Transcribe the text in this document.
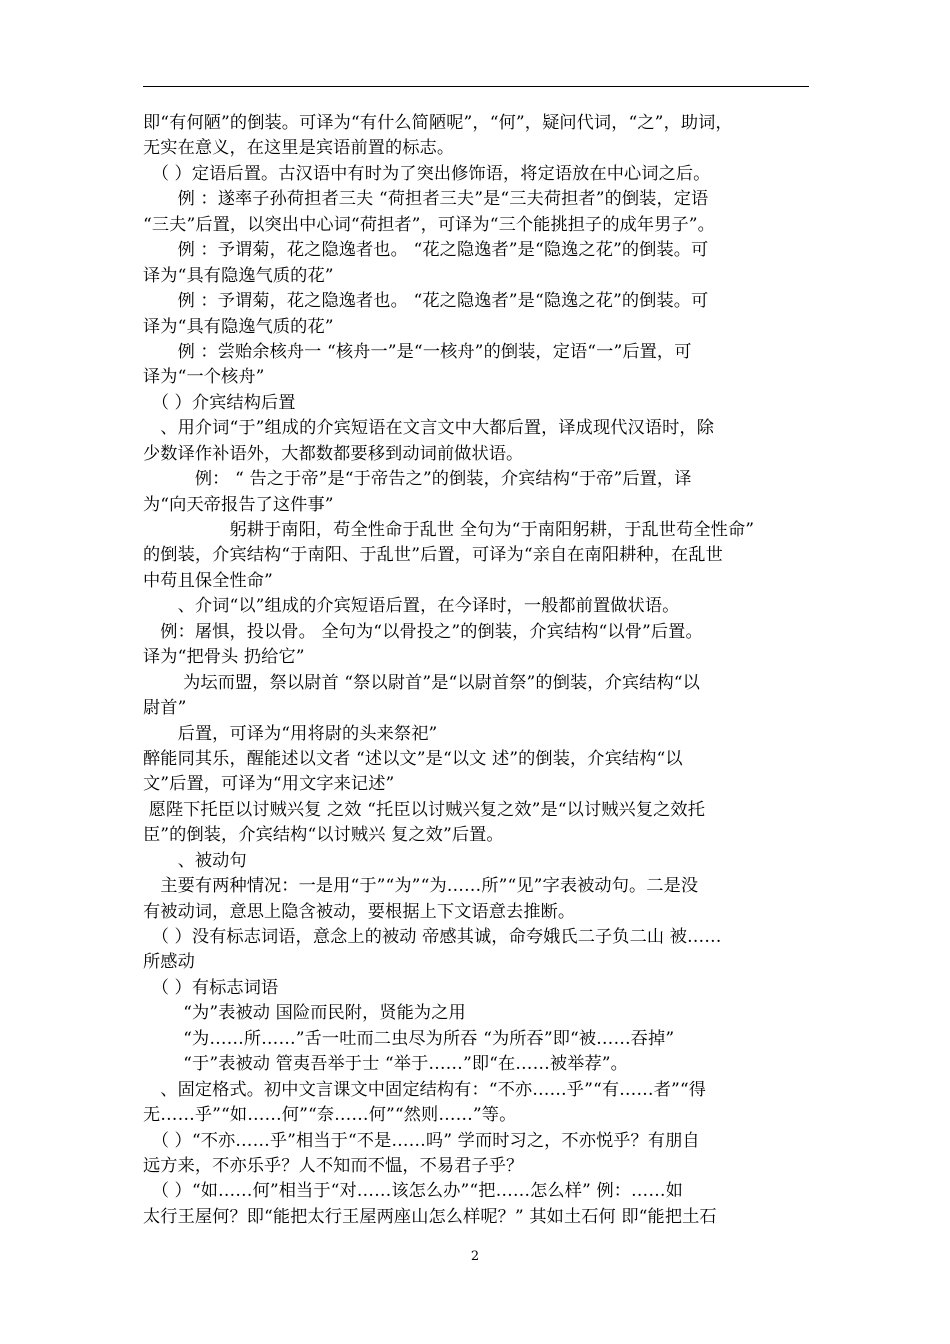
即“有何陋”的倒装。可译为“有什么简陋呢”，“何”，疑问代词，“之”，助词，
无实在意义，在这里是宾语前置的标志。
　（ ）定语后置。古汉语中有时为了突出修饰语，将定语放在中心词之后。
　　例 ：遂率子孙荷担者三夫 “荷担者三夫”是“三夫荷担者”的倒装，定语
“三夫”后置，以突出中心词“荷担者”，可译为“三个能挑担子的成年男子”。
　　例 ：予谓菊，花之隐逸者也。 “花之隐逸者”是“隐逸之花”的倒装。可
译为“具有隐逸气质的花”
　　例 ：予谓菊，花之隐逸者也。 “花之隐逸者”是“隐逸之花”的倒装。可
译为“具有隐逸气质的花”
　　例 ：尝贻余核舟一 “核舟一”是“一核舟”的倒装，定语“一”后置，可
译为“一个核舟”
　（ ）介宾结构后置
　、用介词“于”组成的介宾短语在文言文中大都后置，译成现代汉语时，除
少数译作补语外，大都数都要移到动词前做状语。
　　　例： “ 告之于帝”是“于帝告之”的倒装，介宾结构“于帝”后置，译
为“向天帝报告了这件事”
　　　　　躬耕于南阳，苟全性命于乱世 全句为“于南阳躬耕，于乱世苟全性命”
的倒装，介宾结构“于南阳、于乱世”后置，可译为“亲自在南阳耕种，在乱世
中苟且保全性命”
　　、介词“以”组成的介宾短语后置，在今译时，一般都前置做状语。
　例：屠惧，投以骨。 全句为“以骨投之”的倒装，介宾结构“以骨”后置。
译为“把骨头 扔给它”
　　 为坛而盟，祭以尉首 “祭以尉首”是“以尉首祭”的倒装，介宾结构“以
尉首”
　　后置，可译为“用将尉的头来祭祀”
醉能同其乐，醒能述以文者 “述以文”是“以文 述”的倒装，介宾结构“以
文”后置，可译为“用文字来记述”
愿陛下托臣以讨贼兴复 之效 “托臣以讨贼兴复之效”是“以讨贼兴复之效托
臣”的倒装，介宾结构“以讨贼兴 复之效”后置。
　　、被动句
　主要有两种情况：一是用“于”“为”“为……所”“见”字表被动句。二是没
有被动词，意思上隐含被动，要根据上下文语意去推断。
　（ ）没有标志词语，意念上的被动 帝感其诚，命夸娥氏二子负二山 被……
所感动
　（ ）有标志词语
　　 “为”表被动 国险而民附，贤能为之用
　　 “为……所……”舌一吐而二虫尽为所吞 “为所吞”即“被……吞掉”
　　 “于”表被动 管夷吾举于士 “举于……”即“在……被举荐”。
　、固定格式。初中文言课文中固定结构有：“不亦……乎”“有……者”“得
无……乎”“如……何”“奈……何”“然则……”等。
　（ ）“不亦……乎”相当于“不是……吗” 学而时习之，不亦悦乎？有朋自
远方来，不亦乐乎？人不知而不愠，不易君子乎？
　（ ）“如……何”相当于“对……该怎么办”“把……怎么样” 例：……如
太行王屋何？即“能把太行王屋两座山怎么样呢？” 其如土石何 即“能把土石
2
